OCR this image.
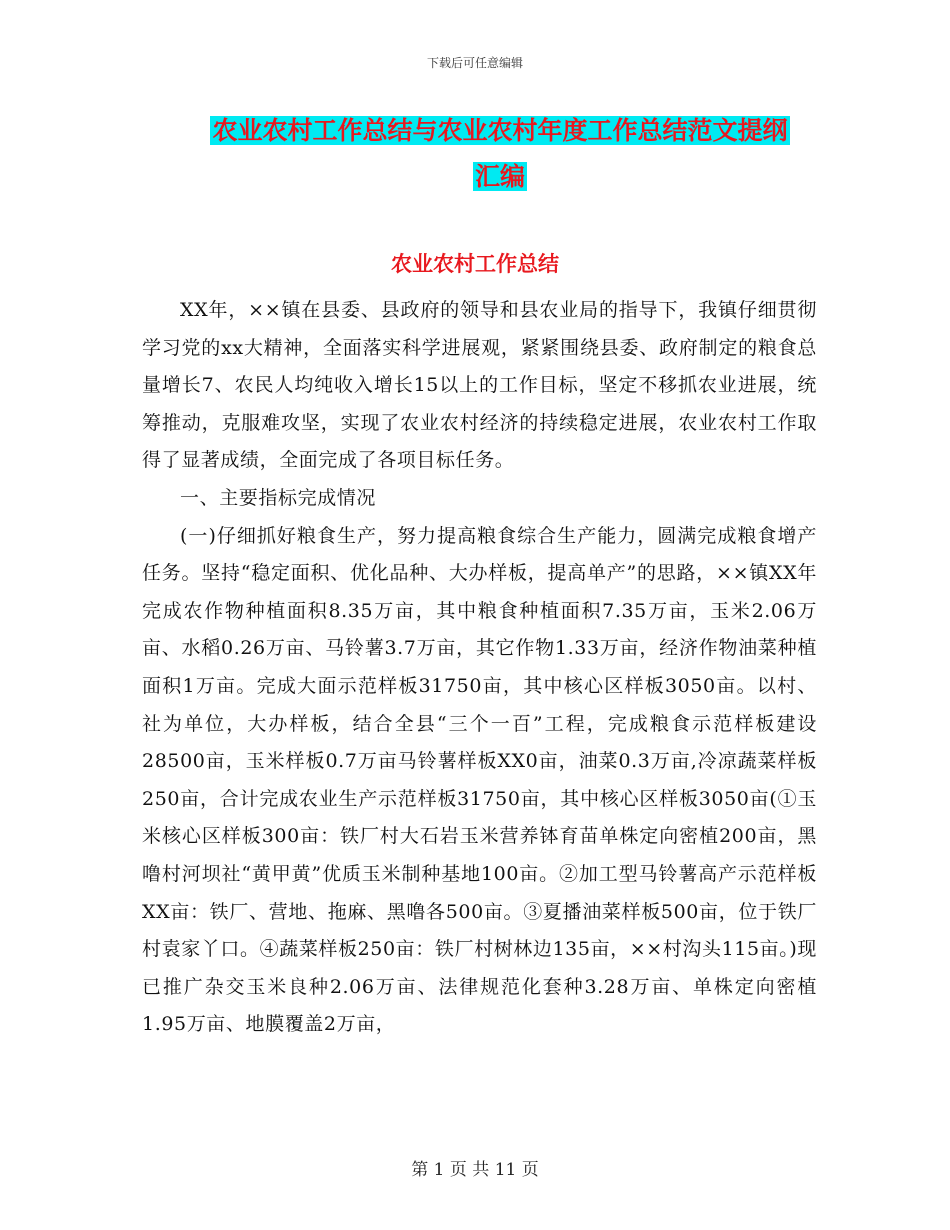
下载后可任意编辑
农业农村工作总结与农业农村年度工作总结范文提纲
汇编
农业农村工作总结

XX年，××镇在县委、县政府的领导和县农业局的指导下，我镇仔细贯彻学习党的xx大精神，全面落实科学进展观，紧紧围绕县委、政府制定的粮食总量增长7、农民人均纯收入增长15以上的工作目标，坚定不移抓农业进展，统筹推动，克服难攻坚，实现了农业农村经济的持续稳定进展，农业农村工作取得了显著成绩，全面完成了各项目标任务。

一、主要指标完成情况

(一)仔细抓好粮食生产，努力提高粮食综合生产能力，圆满完成粮食增产任务。坚持“稳定面积、优化品种、大办样板，提高单产”的思路，××镇XX年完成农作物种植面积8.35万亩，其中粮食种植面积7.35万亩，玉米2.06万亩、水稻0.26万亩、马铃薯3.7万亩，其它作物1.33万亩，经济作物油菜种植面积1万亩。完成大面示范样板31750亩，其中核心区样板3050亩。以村、社为单位，大办样板，结合全县“三个一百”工程，完成粮食示范样板建设28500亩，玉米样板0.7万亩马铃薯样板XX0亩，油菜0.3万亩,冷凉蔬菜样板250亩，合计完成农业生产示范样板31750亩，其中核心区样板3050亩(①玉米核心区样板300亩：铁厂村大石岩玉米营养钵育苗单株定向密植200亩，黑噜村河坝社“黄甲黄”优质玉米制种基地100亩。②加工型马铃薯高产示范样板XX亩：铁厂、营地、拖麻、黑噜各500亩。③夏播油菜样板500亩，位于铁厂村袁家丫口。④蔬菜样板250亩：铁厂村树林边135亩，××村沟头115亩。)现已推广杂交玉米良种2.06万亩、法律规范化套种3.28万亩、单株定向密植1.95万亩、地膜覆盖2万亩，

第 1 页 共 11 页
